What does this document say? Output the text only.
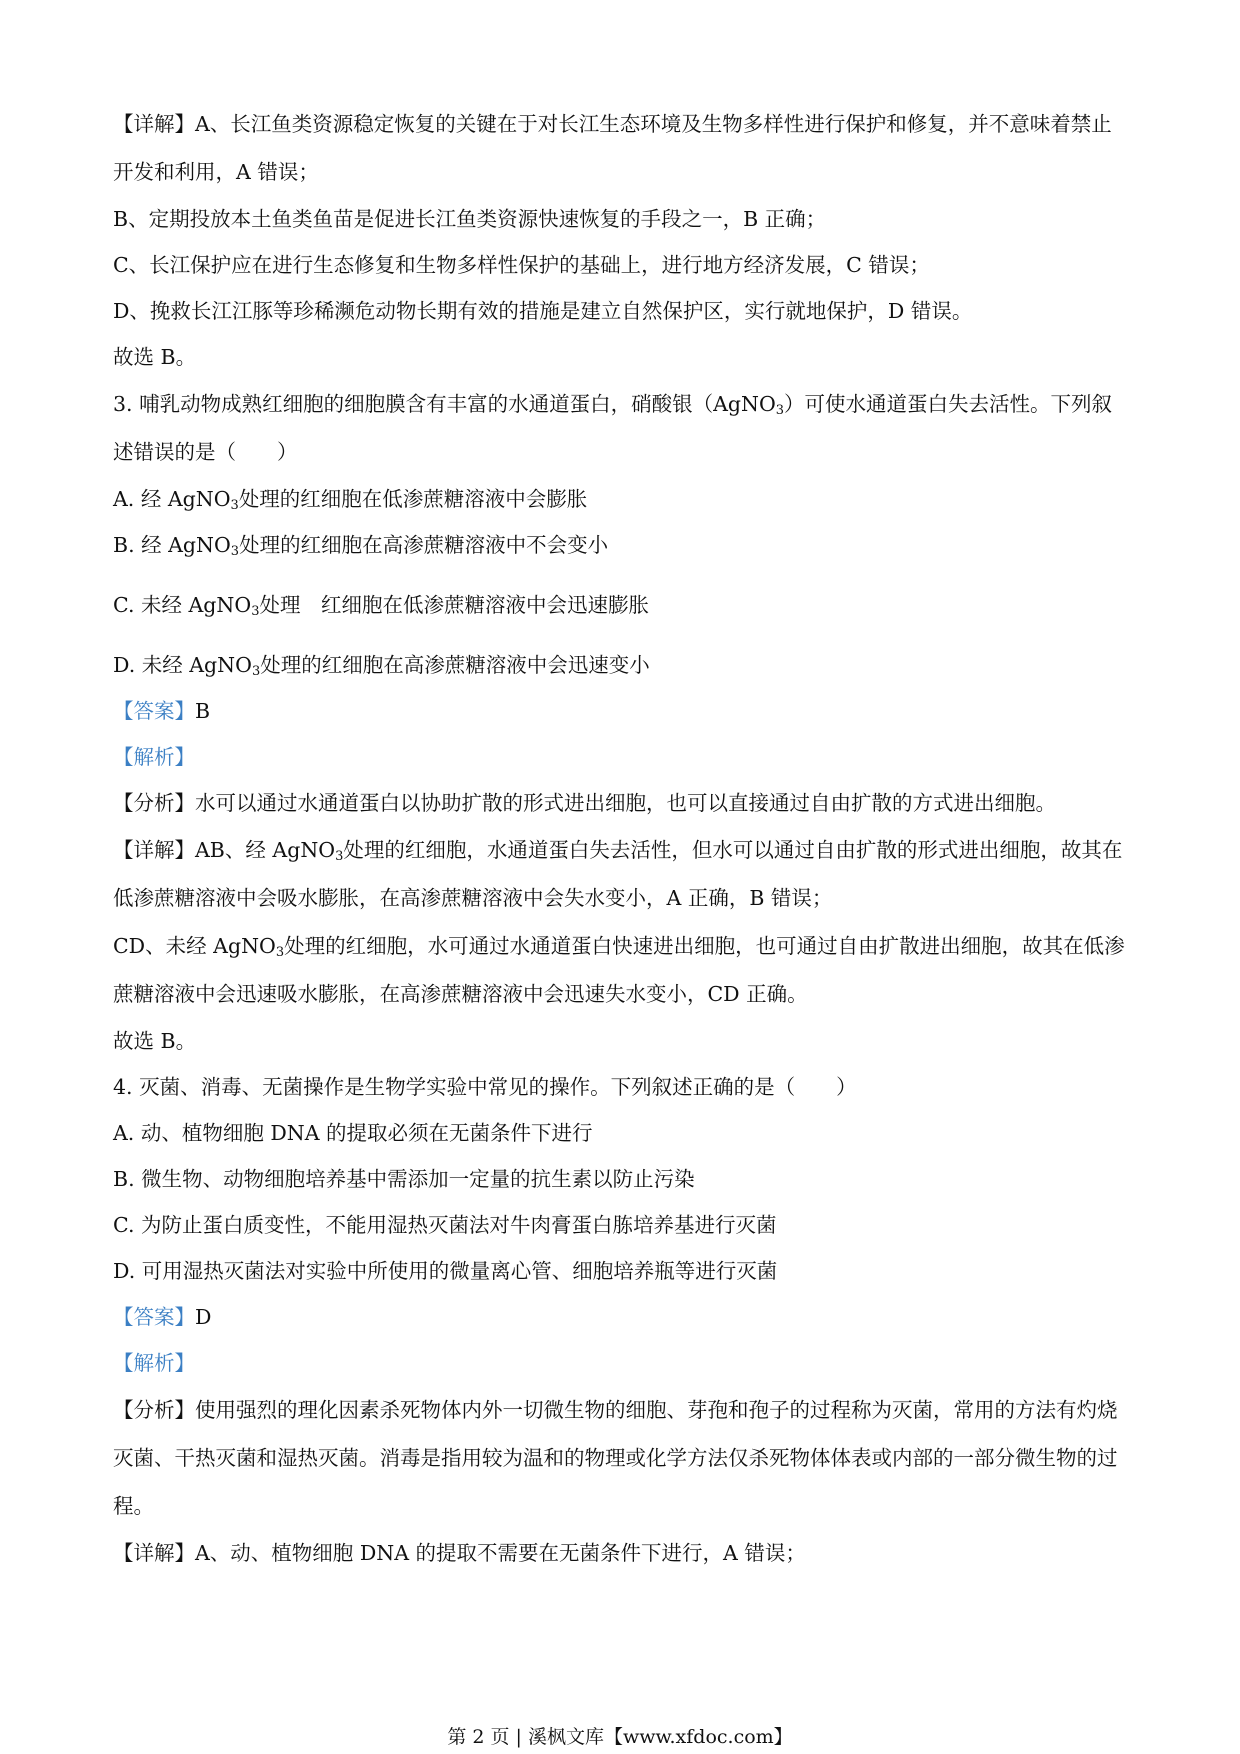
【详解】A、长江鱼类资源稳定恢复的关键在于对长江生态环境及生物多样性进行保护和修复，并不意味着禁止开发和利用，A 错误；

B、定期投放本土鱼类鱼苗是促进长江鱼类资源快速恢复的手段之一，B 正确；

C、长江保护应在进行生态修复和生物多样性保护的基础上，进行地方经济发展，C 错误；

D、挽救长江江豚等珍稀濒危动物长期有效的措施是建立自然保护区，实行就地保护，D 错误。

故选 B。

3. 哺乳动物成熟红细胞的细胞膜含有丰富的水通道蛋白，硝酸银（AgNO$_3$）可使水通道蛋白失去活性。下列叙述错误的是（　　）

A. 经 AgNO$_3$处理的红细胞在低渗蔗糖溶液中会膨胀

B. 经 AgNO$_3$处理的红细胞在高渗蔗糖溶液中不会变小

C. 未经 AgNO$_3$处理　红细胞在低渗蔗糖溶液中会迅速膨胀

D. 未经 AgNO$_3$处理的红细胞在高渗蔗糖溶液中会迅速变小

【答案】B

【解析】

【分析】水可以通过水通道蛋白以协助扩散的形式进出细胞，也可以直接通过自由扩散的方式进出细胞。

【详解】AB、经 AgNO$_3$处理的红细胞，水通道蛋白失去活性，但水可以通过自由扩散的形式进出细胞，故其在低渗蔗糖溶液中会吸水膨胀，在高渗蔗糖溶液中会失水变小，A 正确，B 错误；

CD、未经 AgNO$_3$处理的红细胞，水可通过水通道蛋白快速进出细胞，也可通过自由扩散进出细胞，故其在低渗蔗糖溶液中会迅速吸水膨胀，在高渗蔗糖溶液中会迅速失水变小，CD 正确。

故选 B。

4. 灭菌、消毒、无菌操作是生物学实验中常见的操作。下列叙述正确的是（　　）

A. 动、植物细胞 DNA 的提取必须在无菌条件下进行

B. 微生物、动物细胞培养基中需添加一定量的抗生素以防止污染

C. 为防止蛋白质变性，不能用湿热灭菌法对牛肉膏蛋白胨培养基进行灭菌

D. 可用湿热灭菌法对实验中所使用的微量离心管、细胞培养瓶等进行灭菌

【答案】D

【解析】

【分析】使用强烈的理化因素杀死物体内外一切微生物的细胞、芽孢和孢子的过程称为灭菌，常用的方法有灼烧灭菌、干热灭菌和湿热灭菌。消毒是指用较为温和的物理或化学方法仅杀死物体体表或内部的一部分微生物的过程。

【详解】A、动、植物细胞 DNA 的提取不需要在无菌条件下进行，A 错误；

第 2 页 | 溪枫文库【www.xfdoc.com】
